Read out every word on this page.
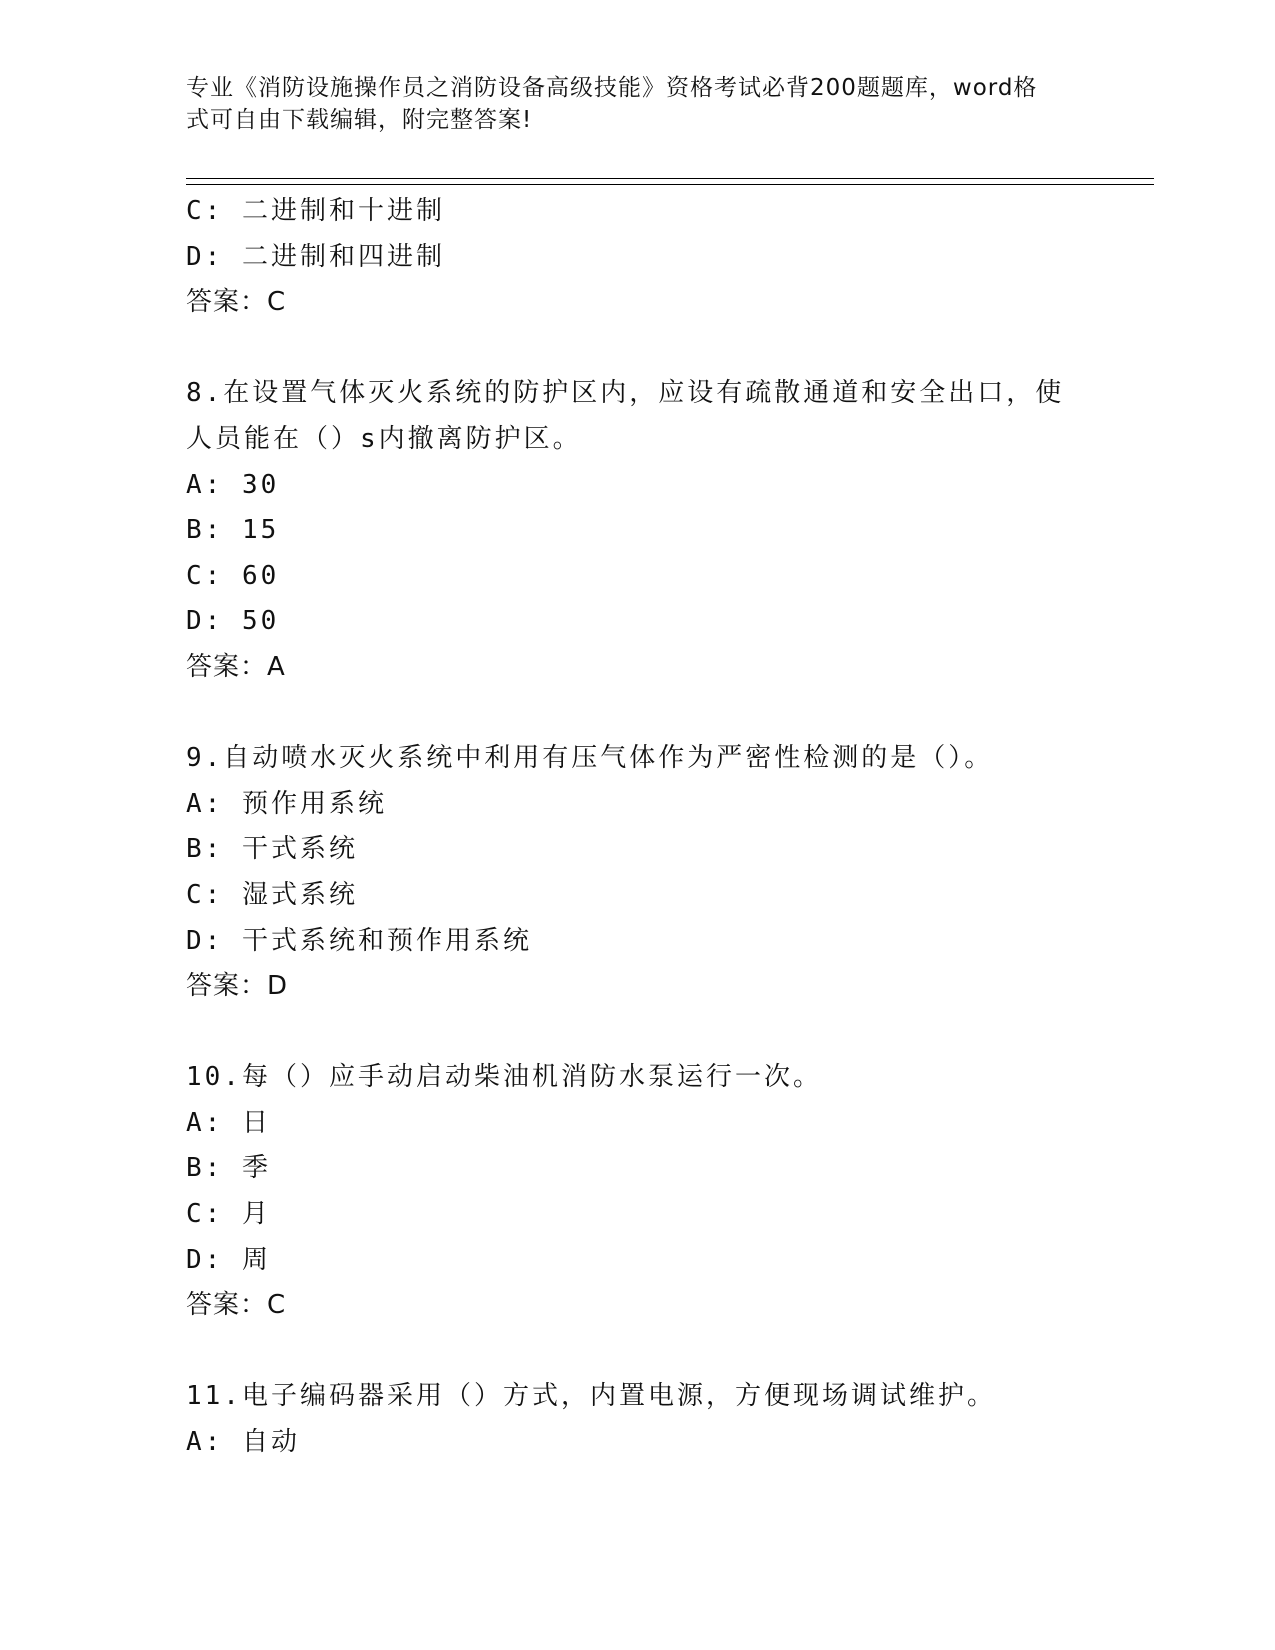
专业《消防设施操作员之消防设备高级技能》资格考试必背200题题库，word格
式可自由下载编辑，附完整答案!
C: 二进制和十进制
D: 二进制和四进制
答案：C
8.在设置气体灭火系统的防护区内，应设有疏散通道和安全出口，使
人员能在（）s内撤离防护区。
A: 30
B: 15
C: 60
D: 50
答案：A
9.自动喷水灭火系统中利用有压气体作为严密性检测的是（）。
A: 预作用系统
B: 干式系统
C: 湿式系统
D: 干式系统和预作用系统
答案：D
10.每（）应手动启动柴油机消防水泵运行一次。
A: 日
B: 季
C: 月
D: 周
答案：C
11.电子编码器采用（）方式，内置电源，方便现场调试维护。
A: 自动
